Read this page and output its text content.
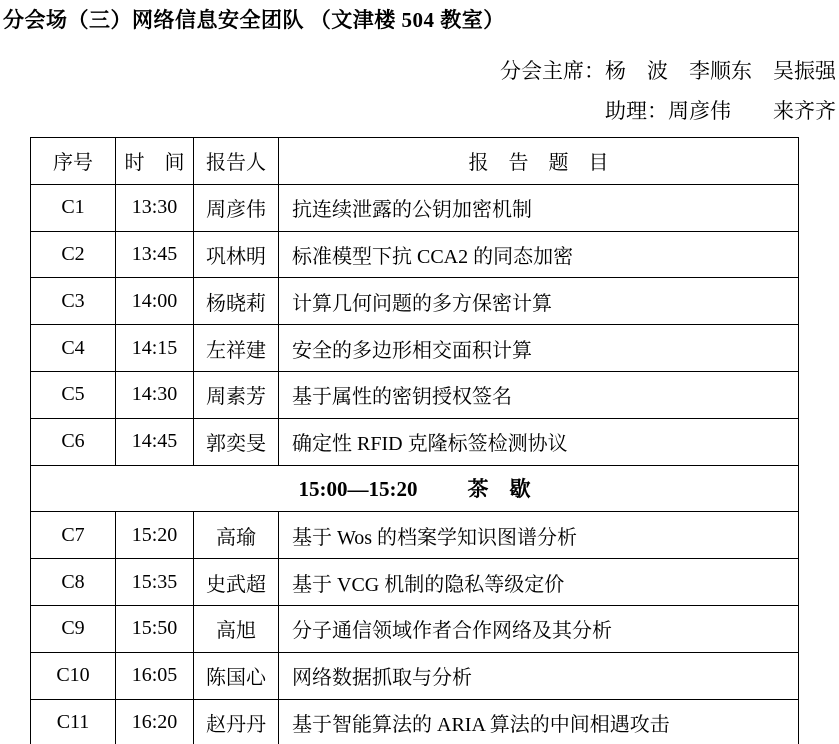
分会场（三）网络信息安全团队 （文津楼 504 教室）
分会主席：杨　波　李顺东　吴振强
助理：周彦伟　　来齐齐
序号	时　间	报告人	报　告　题　目
C1	13:30	周彦伟	抗连续泄露的公钥加密机制
C2	13:45	巩林明	标准模型下抗 CCA2 的同态加密
C3	14:00	杨晓莉	计算几何问题的多方保密计算
C4	14:15	左祥建	安全的多边形相交面积计算
C5	14:30	周素芳	基于属性的密钥授权签名
C6	14:45	郭奕旻	确定性 RFID 克隆标签检测协议
15:00—15:20 茶　歇			
C7	15:20	高瑜	基于 Wos 的档案学知识图谱分析
C8	15:35	史武超	基于 VCG 机制的隐私等级定价
C9	15:50	高旭	分子通信领域作者合作网络及其分析
C10	16:05	陈国心	网络数据抓取与分析
C11	16:20	赵丹丹	基于智能算法的 ARIA 算法的中间相遇攻击
